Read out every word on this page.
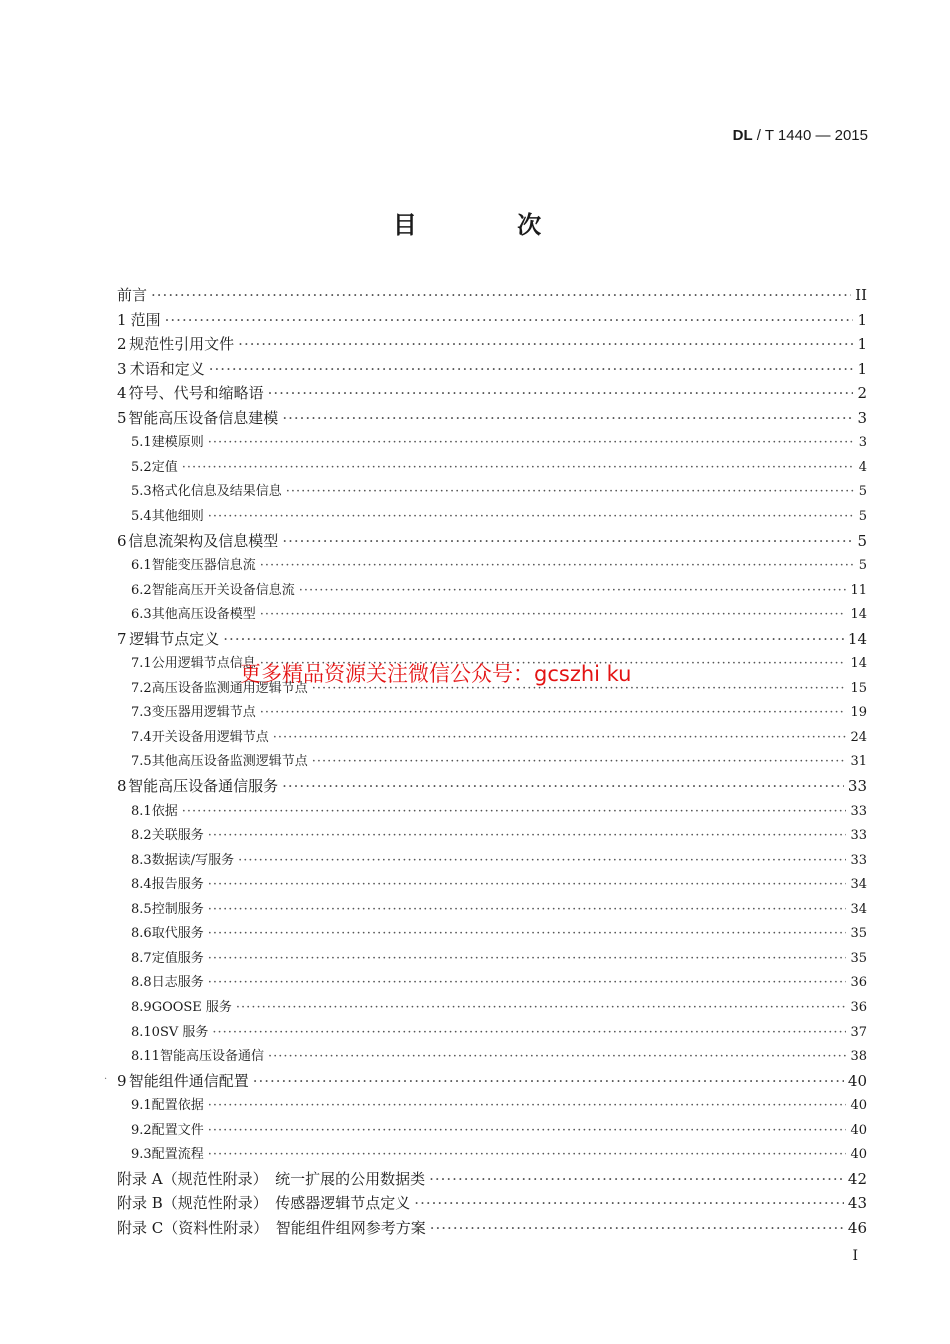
DL / T 1440 — 2015
目 次
前言 ·····	II
1 范围 ·····	1
2 规范性引用文件 ·····	1
3 术语和定义 ·····	1
4 符号、代号和缩略语 ·····	2
5 智能高压设备信息建模 ·····	3
5.1 建模原则 ·····	3
5.2 定值 ·····	4
5.3 格式化信息及结果信息 ·····	5
5.4 其他细则 ·····	5
6 信息流架构及信息模型 ·····	5
6.1 智能变压器信息流 ·····	5
6.2 智能高压开关设备信息流 ·····	11
6.3 其他高压设备模型 ·····	14
7 逻辑节点定义 ·····	14
7.1 公用逻辑节点信息 ·····	14
7.2 高压设备监测通用逻辑节点 ·····	15
7.3 变压器用逻辑节点 ·····	19
7.4 开关设备用逻辑节点 ·····	24
7.5 其他高压设备监测逻辑节点 ·····	31
8 智能高压设备通信服务 ·····	33
8.1 依据 ·····	33
8.2 关联服务 ·····	33
8.3 数据读/写服务 ·····	33
8.4 报告服务 ·····	34
8.5 控制服务 ·····	34
8.6 取代服务 ·····	35
8.7 定值服务 ·····	35
8.8 日志服务 ·····	36
8.9 GOOSE 服务 ·····	36
8.10 SV 服务 ·····	37
8.11 智能高压设备通信 ·····	38
9 智能组件通信配置 ·····	40
9.1 配置依据 ·····	40
9.2 配置文件 ·····	40
9.3 配置流程 ·····	40
附录 A（规范性附录）　统一扩展的公用数据类 ·····	42
附录 B（规范性附录）　传感器逻辑节点定义 ·····	43
附录 C（资料性附录）　智能组件组网参考方案 ·····	46
·
更多精品资源关注微信公众号：gcszhi ku
I
